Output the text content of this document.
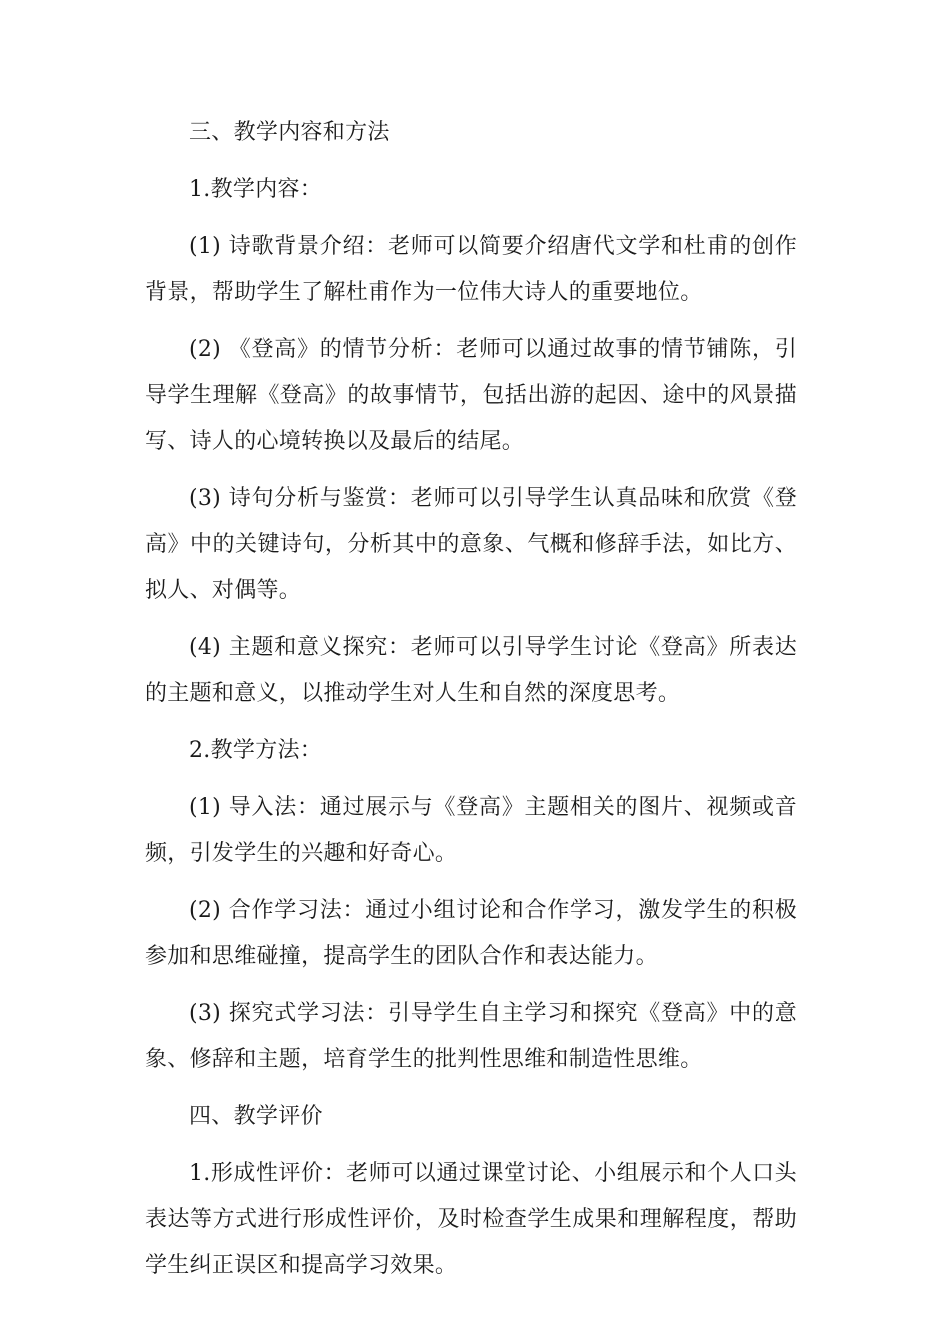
三、教学内容和方法

1.教学内容：

(1) 诗歌背景介绍：老师可以简要介绍唐代文学和杜甫的创作背景，帮助学生了解杜甫作为一位伟大诗人的重要地位。

(2) 《登高》的情节分析：老师可以通过故事的情节铺陈，引导学生理解《登高》的故事情节，包括出游的起因、途中的风景描写、诗人的心境转换以及最后的结尾。

(3) 诗句分析与鉴赏：老师可以引导学生认真品味和欣赏《登高》中的关键诗句，分析其中的意象、气概和修辞手法，如比方、拟人、对偶等。

(4) 主题和意义探究：老师可以引导学生讨论《登高》所表达的主题和意义，以推动学生对人生和自然的深度思考。

2.教学方法：

(1) 导入法：通过展示与《登高》主题相关的图片、视频或音频，引发学生的兴趣和好奇心。

(2) 合作学习法：通过小组讨论和合作学习，激发学生的积极参加和思维碰撞，提高学生的团队合作和表达能力。

(3) 探究式学习法：引导学生自主学习和探究《登高》中的意象、修辞和主题，培育学生的批判性思维和制造性思维。

四、教学评价

1.形成性评价：老师可以通过课堂讨论、小组展示和个人口头表达等方式进行形成性评价，及时检查学生成果和理解程度，帮助学生纠正误区和提高学习效果。
